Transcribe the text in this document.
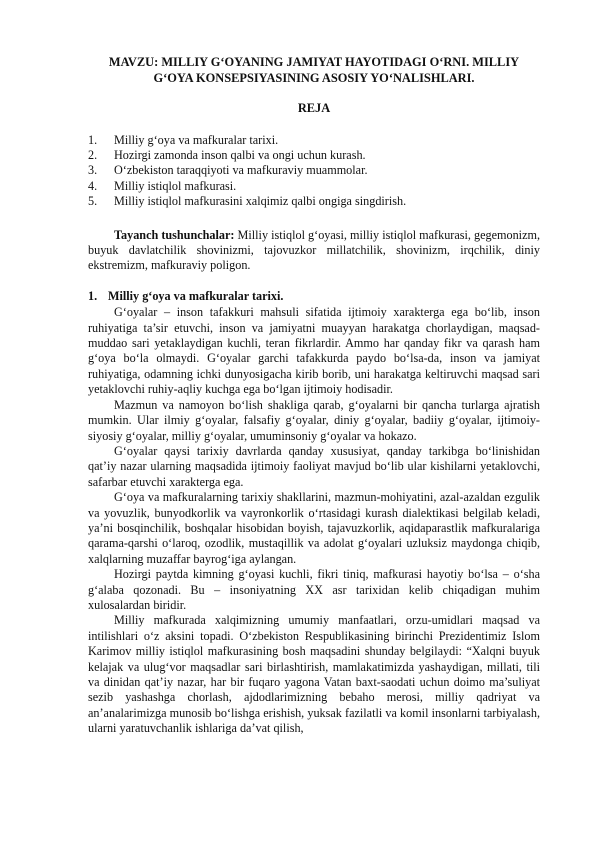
MAVZU: MILLIY G‘OYANING JAMIYAT HAYOTIDAGI O‘RNI. MILLIY G‘OYA KONSEPSIYASINING ASOSIY YO‘NALISHLARI.
REJA
1.	Milliy g‘oya va mafkuralar tarixi.
2.	Hozirgi zamonda inson qalbi va ongi uchun kurash.
3.	O‘zbekiston taraqqiyoti va mafkuraviy muammolar.
4.	Milliy istiqlol mafkurasi.
5.	Milliy istiqlol mafkurasini xalqimiz qalbi ongiga singdirish.

Tayanch tushunchalar: Milliy istiqlol g‘oyasi, milliy istiqlol mafkurasi, gegemonizm, buyuk davlatchilik shovinizmi, tajovuzkor millatchilik, shovinizm, irqchilik, diniy ekstremizm, mafkuraviy poligon.

1. Milliy g‘oya va mafkuralar tarixi.

G‘oyalar – inson tafakkuri mahsuli sifatida ijtimoiy xarakterga ega bo‘lib, inson ruhiyatiga ta’sir etuvchi, inson va jamiyatni muayyan harakatga chorlaydigan, maqsad-muddao sari yetaklaydigan kuchli, teran fikrlardir. Ammo har qanday fikr va qarash ham g‘oya bo‘la olmaydi. G‘oyalar garchi tafakkurda paydo bo‘lsa-da, inson va jamiyat ruhiyatiga, odamning ichki dunyosigacha kirib borib, uni harakatga keltiruvchi maqsad sari yetaklovchi ruhiy-aqliy kuchga ega bo‘lgan ijtimoiy hodisadir.

Mazmun va namoyon bo‘lish shakliga qarab, g‘oyalarni bir qancha turlarga ajratish mumkin. Ular ilmiy g‘oyalar, falsafiy g‘oyalar, diniy g‘oyalar, badiiy g‘oyalar, ijtimoiy-siyosiy g‘oyalar, milliy g‘oyalar, umuminsoniy g‘oyalar va hokazo.

G‘oyalar qaysi tarixiy davrlarda qanday xususiyat, qanday tarkibga bo‘linishidan qat’iy nazar ularning maqsadida ijtimoiy faoliyat mavjud bo‘lib ular kishilarni yetaklovchi, safarbar etuvchi xarakterga ega.

G‘oya va mafkuralarning tarixiy shakllarini, mazmun-mohiyatini, azal-azaldan ezgulik va yovuzlik, bunyodkorlik va vayronkorlik o‘rtasidagi kurash dialektikasi belgilab keladi, ya’ni bosqinchilik, boshqalar hisobidan boyish, tajavuzkorlik, aqidaparastlik mafkuralariga qarama-qarshi o‘laroq, ozodlik, mustaqillik va adolat g‘oyalari uzluksiz maydonga chiqib, xalqlarning muzaffar bayrog‘iga aylangan.

Hozirgi paytda kimning g‘oyasi kuchli, fikri tiniq, mafkurasi hayotiy bo‘lsa – o‘sha g‘alaba qozonadi. Bu – insoniyatning XX asr tarixidan kelib chiqadigan muhim xulosalardan biridir.

Milliy mafkurada xalqimizning umumiy manfaatlari, orzu-umidlari maqsad va intilishlari o‘z aksini topadi. O‘zbekiston Respublikasining birinchi Prezidentimiz Islom Karimov milliy istiqlol mafkurasining bosh maqsadini shunday belgilaydi: “Xalqni buyuk kelajak va ulug‘vor maqsadlar sari birlashtirish, mamlakatimizda yashaydigan, millati, tili va dinidan qat’iy nazar, har bir fuqaro yagona Vatan baxt-saodati uchun doimo ma’suliyat sezib yashashga chorlash, ajdodlarimizning bebaho merosi, milliy qadriyat va an’analarimizga munosib bo‘lishga erishish, yuksak fazilatli va komil insonlarni tarbiyalash, ularni yaratuvchanlik ishlariga da’vat qilish,
